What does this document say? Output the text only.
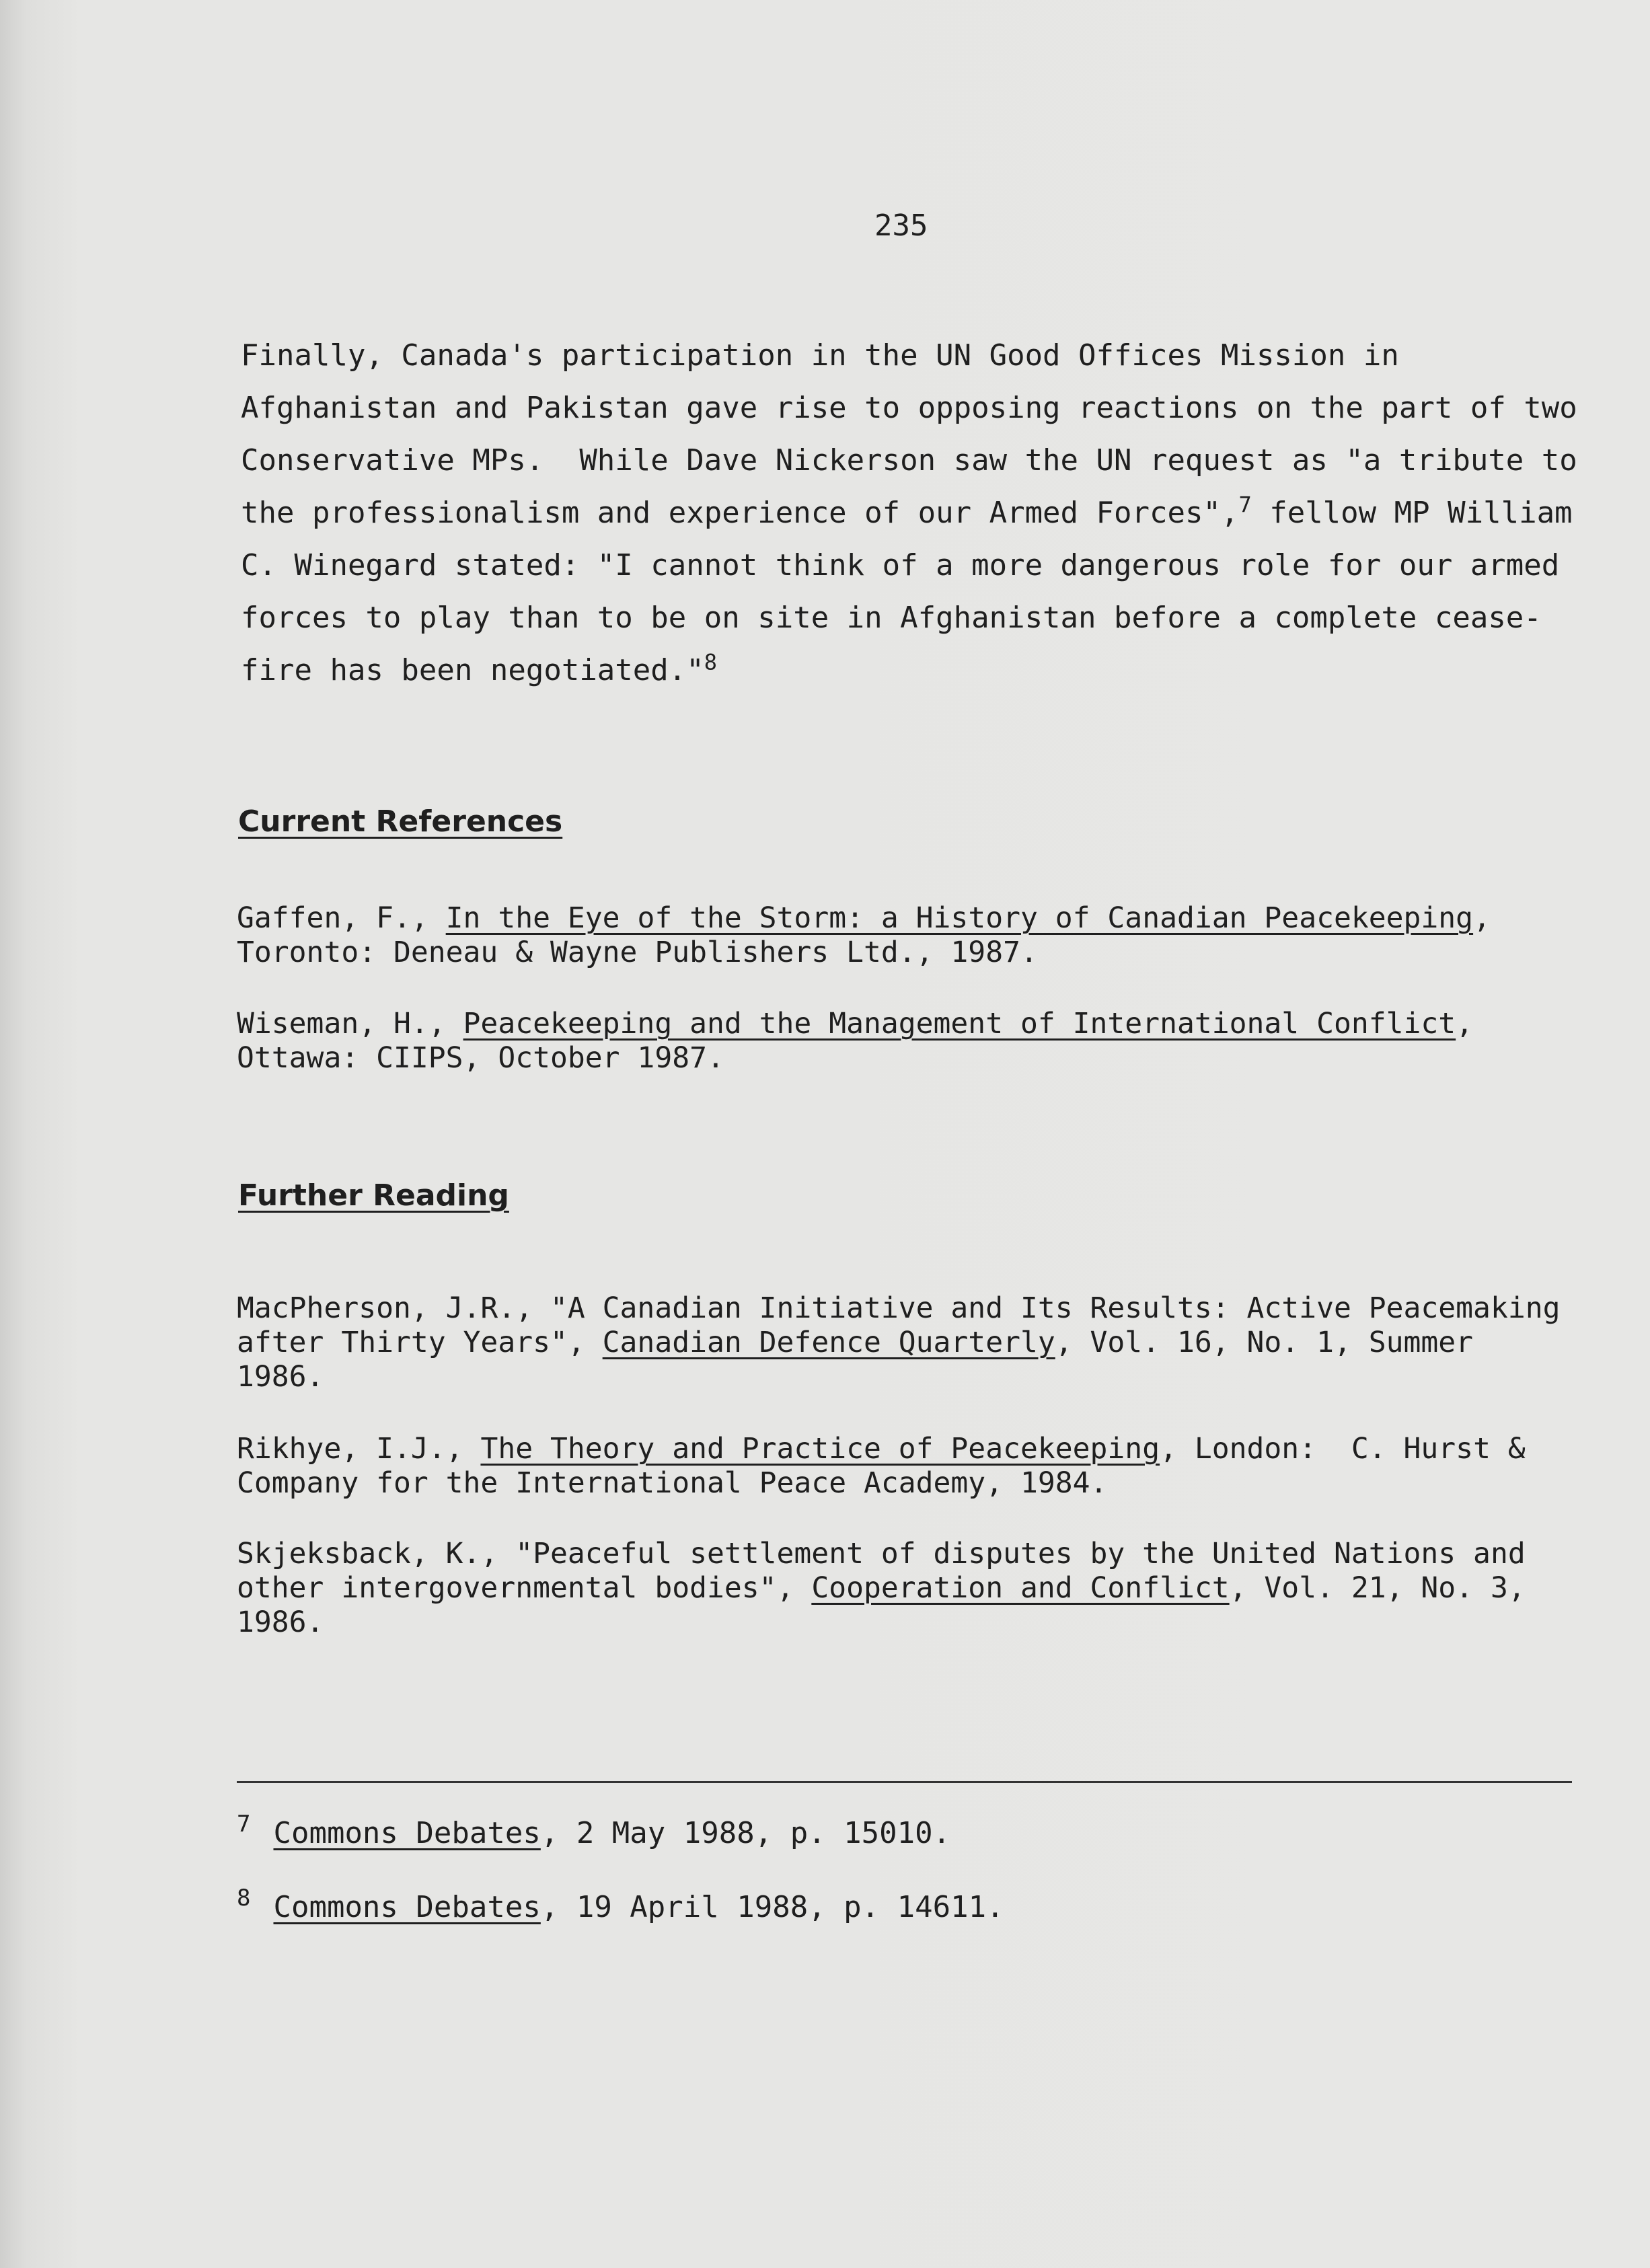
235

Finally, Canada's participation in the UN Good Offices Mission in
Afghanistan and Pakistan gave rise to opposing reactions on the part of two
Conservative MPs.  While Dave Nickerson saw the UN request as "a tribute to
the professionalism and experience of our Armed Forces",$^7$ fellow MP William
C. Winegard stated: "I cannot think of a more dangerous role for our armed
forces to play than to be on site in Afghanistan before a complete cease-
fire has been negotiated."$^8$

Current References

Gaffen, F., In the Eye of the Storm: a History of Canadian Peacekeeping,
Toronto: Deneau & Wayne Publishers Ltd., 1987.

Wiseman, H., Peacekeeping and the Management of International Conflict,
Ottawa: CIIPS, October 1987.

Further Reading

MacPherson, J.R., "A Canadian Initiative and Its Results: Active Peacemaking
after Thirty Years", Canadian Defence Quarterly, Vol. 16, No. 1, Summer
1986.

Rikhye, I.J., The Theory and Practice of Peacekeeping, London:  C. Hurst &
Company for the International Peace Academy, 1984.

Skjeksback, K., "Peaceful settlement of disputes by the United Nations and
other intergovernmental bodies", Cooperation and Conflict, Vol. 21, No. 3,
1986.

$^7$ Commons Debates, 2 May 1988, p. 15010.

$^8$ Commons Debates, 19 April 1988, p. 14611.
